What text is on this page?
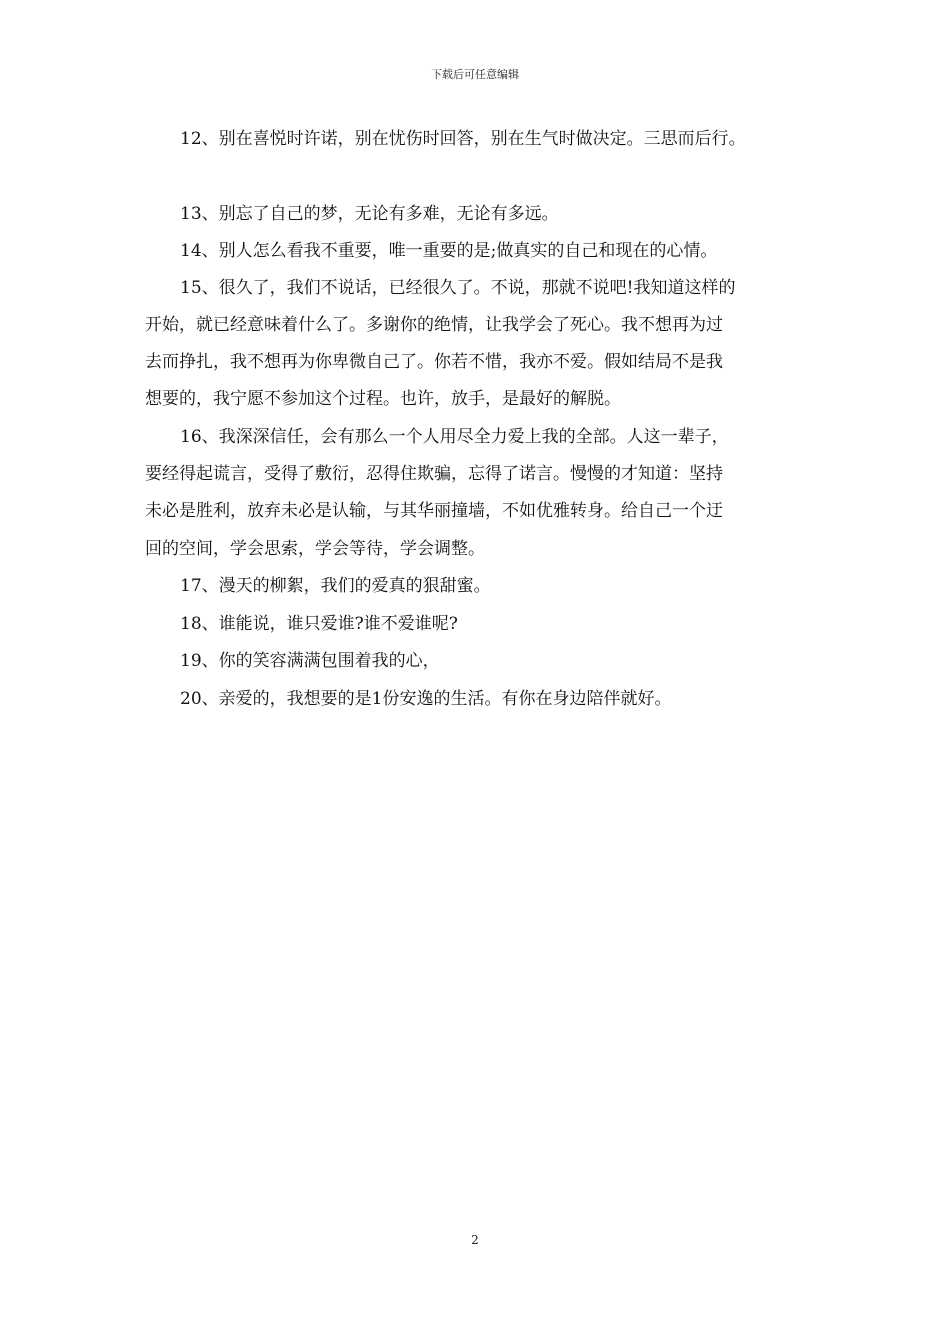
下载后可任意编辑
12、别在喜悦时许诺，别在忧伤时回答，别在生气时做决定。三思而后行。
13、别忘了自己的梦，无论有多难，无论有多远。
14、别人怎么看我不重要，唯一重要的是;做真实的自己和现在的心情。
15、很久了，我们不说话，已经很久了。不说，那就不说吧!我知道这样的
开始，就已经意味着什么了。多谢你的绝情，让我学会了死心。我不想再为过
去而挣扎，我不想再为你卑微自己了。你若不惜，我亦不爱。假如结局不是我
想要的，我宁愿不参加这个过程。也许，放手，是最好的解脱。
16、我深深信任，会有那么一个人用尽全力爱上我的全部。人这一辈子，
要经得起谎言，受得了敷衍，忍得住欺骗，忘得了诺言。慢慢的才知道：坚持
未必是胜利，放弃未必是认输，与其华丽撞墙，不如优雅转身。给自己一个迂
回的空间，学会思索，学会等待，学会调整。
17、漫天的柳絮，我们的爱真的狠甜蜜。
18、谁能说，谁只爱谁?谁不爱谁呢?
19、你的笑容满满包围着我的心，
20、亲爱的，我想要的是1份安逸的生活。有你在身边陪伴就好。
2
